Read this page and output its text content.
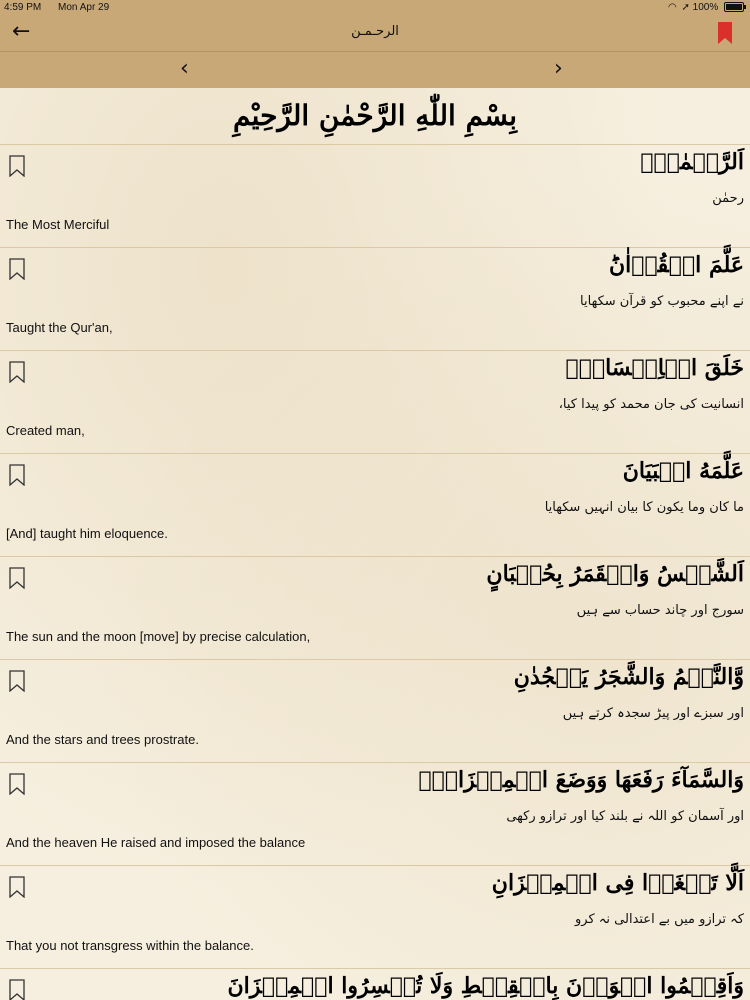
4:59 PM Mon Apr 29	◠ ➚ 100%
←	الرحـمـن
‹	›
بِسْمِ اللّٰهِ الرَّحْمٰنِ الرَّحِیْمِ
اَلرَّحۡمٰنُۙ
رحمٰن
The Most Merciful
عَلَّمَ الۡقُرۡاٰنَؕ
نے اپنے محبوب کو قرآن سکھایا
Taught the Qur'an,
خَلَقَ الۡاِنۡسَانَۙ
انسانیت کی جان محمد کو پیدا کیا،
Created man,
عَلَّمَهُ الۡبَیَانَ
ما کان وما یکون کا بیان انہیں سکھایا
[And] taught him eloquence.
اَلشَّمۡسُ وَالۡقَمَرُ بِحُسۡبَانٍ
سورج اور چاند حساب سے ہیں
The sun and the moon [move] by precise calculation,
وَّالنَّجۡمُ وَالشَّجَرُ یَسۡجُدٰنِ
اور سبزے اور پیڑ سجدہ کرتے ہیں
And the stars and trees prostrate.
وَالسَّمَآءَ رَفَعَهَا وَوَضَعَ الۡمِیۡزَانَۙ
اور آسمان کو اللہ نے بلند کیا اور ترازو رکھی
And the heaven He raised and imposed the balance
اَلَّا تَطۡغَوۡا فِی الۡمِیۡزَانِ
کہ ترازو میں بے اعتدالی نہ کرو
That you not transgress within the balance.
وَاَقِیۡمُوا الۡوَزۡنَ بِالۡقِسۡطِ وَلَا تُخۡسِرُوا الۡمِیۡزَانَ
